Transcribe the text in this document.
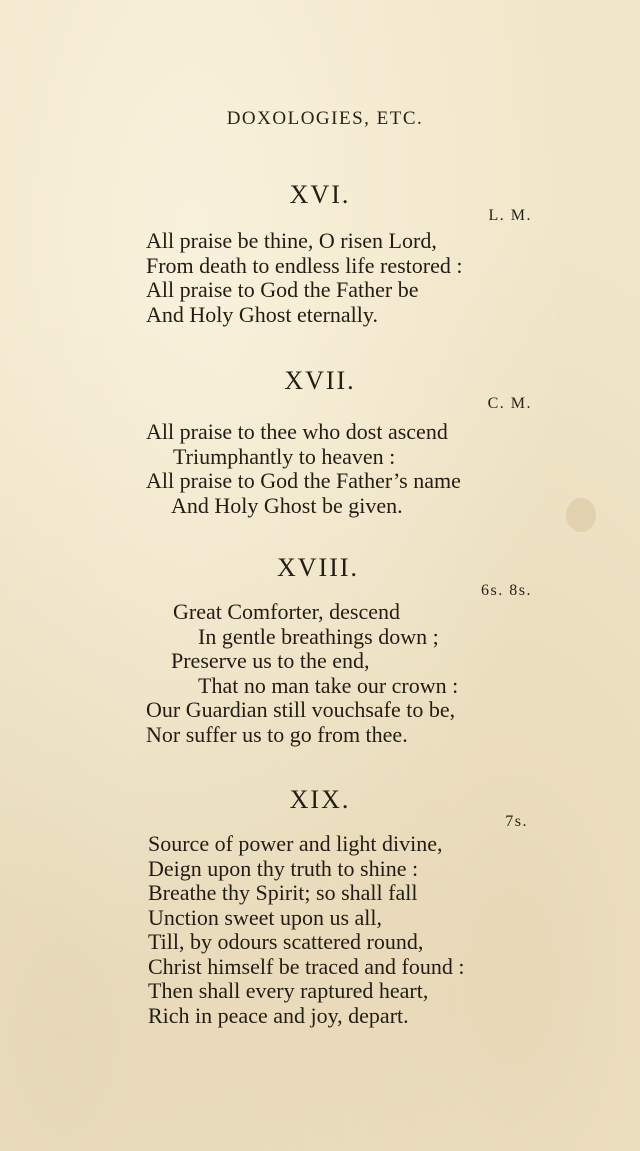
DOXOLOGIES, ETC.
XVI.
L. M.
All praise be thine, O risen Lord,
From death to endless life restored :
All praise to God the Father be
And Holy Ghost eternally.
XVII.
C. M.
All praise to thee who dost ascend
Triumphantly to heaven :
All praise to God the Father’s name
And Holy Ghost be given.
XVIII.
6s. 8s.
Great Comforter, descend
In gentle breathings down ;
Preserve us to the end,
That no man take our crown :
Our Guardian still vouchsafe to be,
Nor suffer us to go from thee.
XIX.
7s.
Source of power and light divine,
Deign upon thy truth to shine :
Breathe thy Spirit; so shall fall
Unction sweet upon us all,
Till, by odours scattered round,
Christ himself be traced and found :
Then shall every raptured heart,
Rich in peace and joy, depart.
